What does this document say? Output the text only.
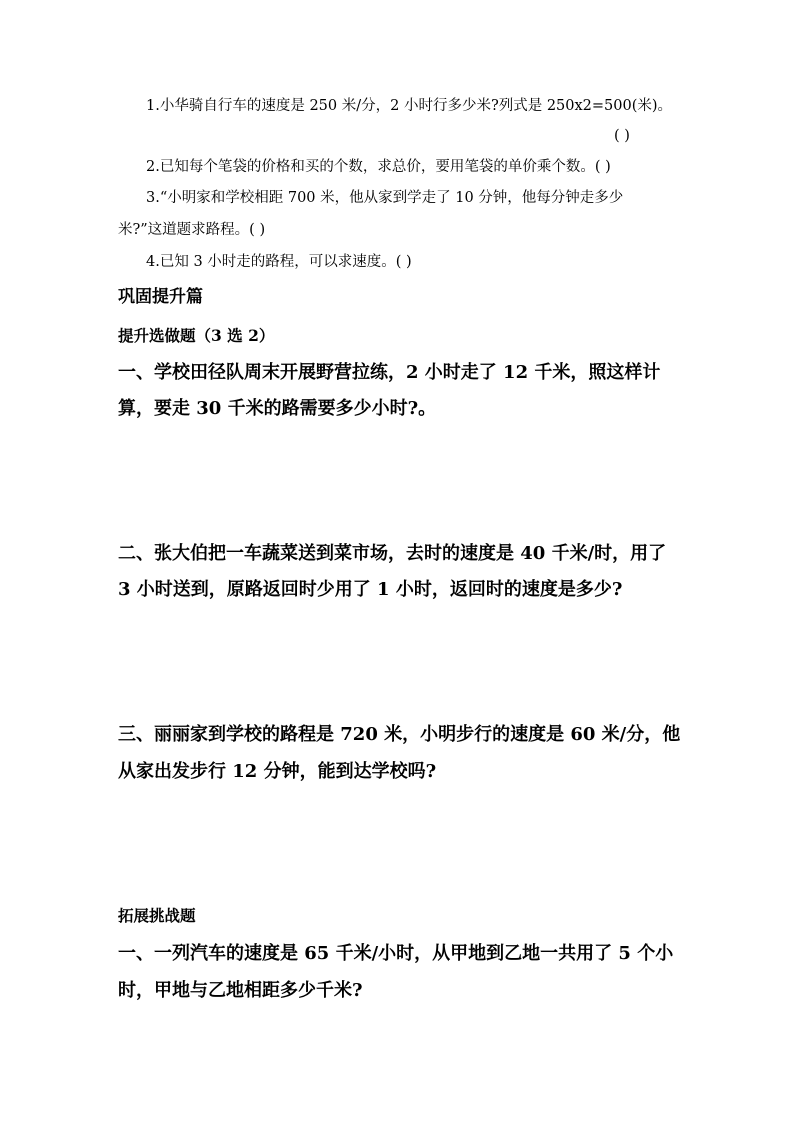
1.小华骑自行车的速度是 250 米/分，2 小时行多少米?列式是 250x2=500(米)。
( )
2.已知每个笔袋的价格和买的个数，求总价，要用笔袋的单价乘个数。( )
3.“小明家和学校相距 700 米，他从家到学走了 10 分钟，他每分钟走多少
米?”这道题求路程。( )
4.已知 3 小时走的路程，可以求速度。( )
巩固提升篇
提升选做题（3 选 2）
一、学校田径队周末开展野营拉练，2 小时走了 12 千米，照这样计
算，要走 30 千米的路需要多少小时?。
二、张大伯把一车蔬菜送到菜市场，去时的速度是 40 千米/时，用了
3 小时送到，原路返回时少用了 1 小时，返回时的速度是多少?
三、丽丽家到学校的路程是 720 米，小明步行的速度是 60 米/分，他
从家出发步行 12 分钟，能到达学校吗?
拓展挑战题
一、一列汽车的速度是 65 千米/小时，从甲地到乙地一共用了 5 个小
时，甲地与乙地相距多少千米?
